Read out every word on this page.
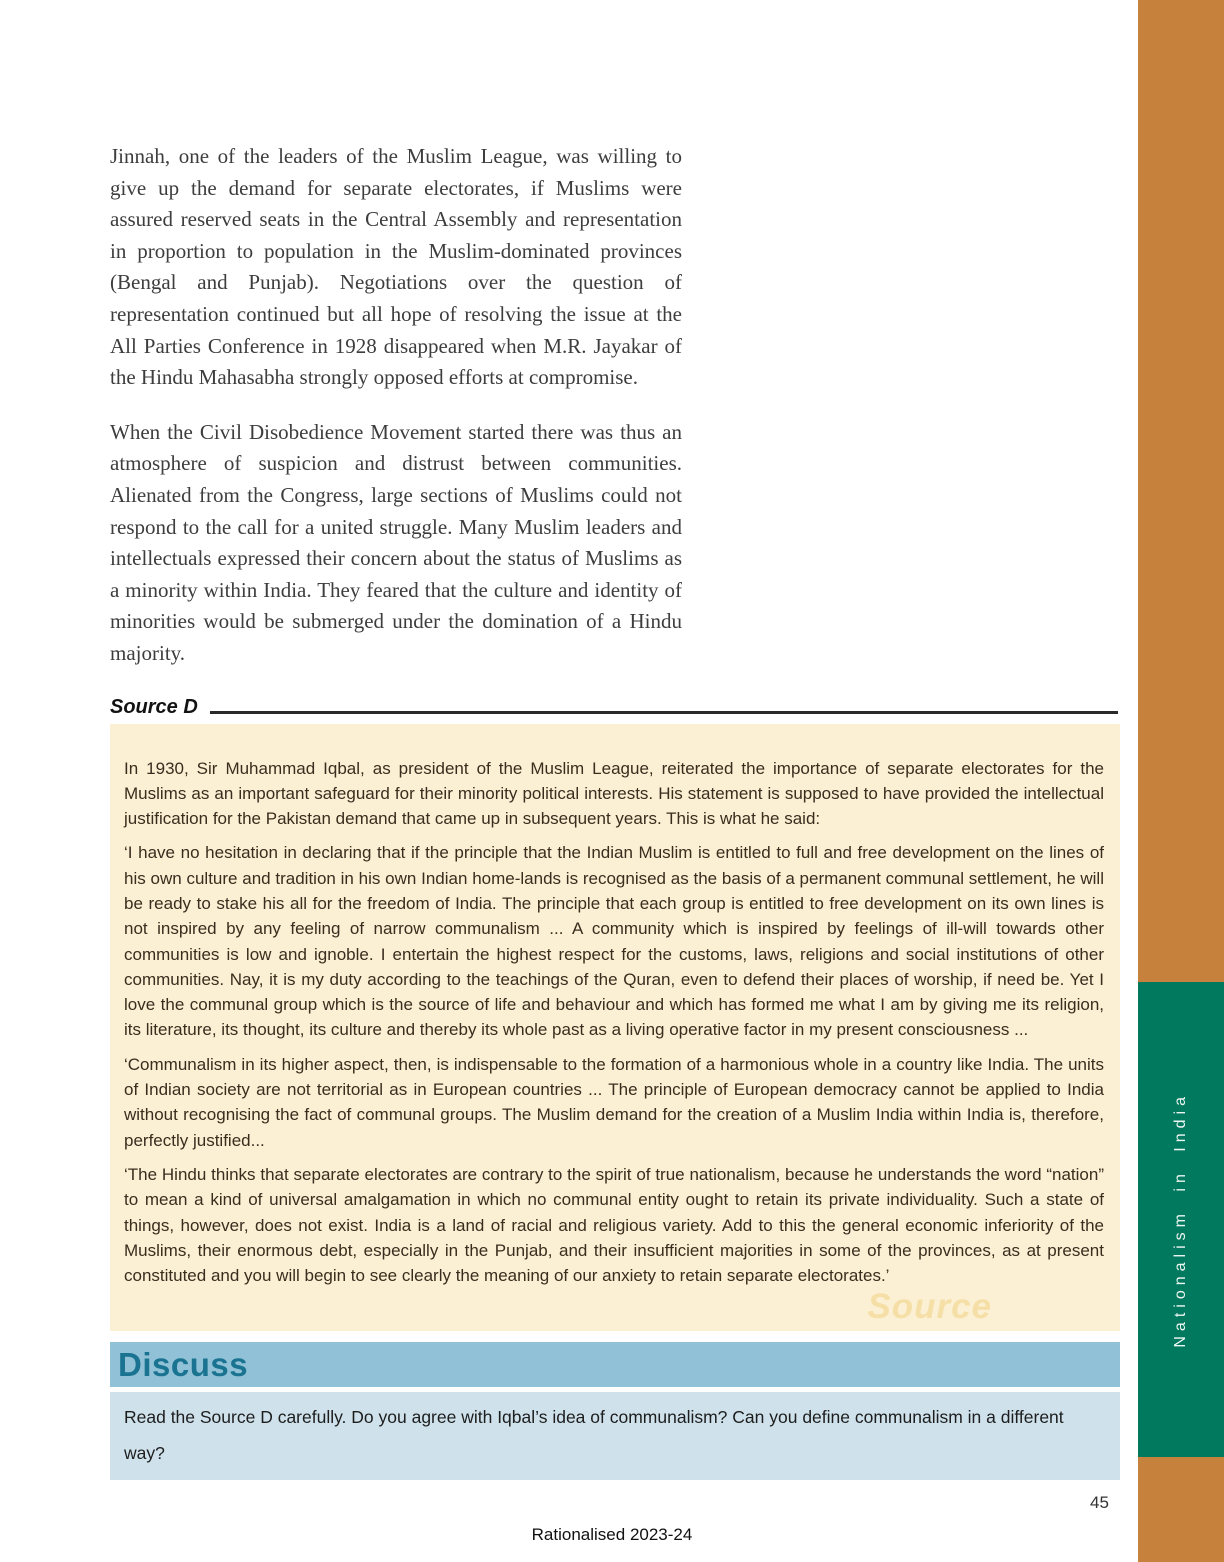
Jinnah, one of the leaders of the Muslim League, was willing to give up the demand for separate electorates, if Muslims were assured reserved seats in the Central Assembly and representation in proportion to population in the Muslim-dominated provinces (Bengal and Punjab). Negotiations over the question of representation continued but all hope of resolving the issue at the All Parties Conference in 1928 disappeared when M.R. Jayakar of the Hindu Mahasabha strongly opposed efforts at compromise.

When the Civil Disobedience Movement started there was thus an atmosphere of suspicion and distrust between communities. Alienated from the Congress, large sections of Muslims could not respond to the call for a united struggle. Many Muslim leaders and intellectuals expressed their concern about the status of Muslims as a minority within India. They feared that the culture and identity of minorities would be submerged under the domination of a Hindu majority.

Source D

In 1930, Sir Muhammad Iqbal, as president of the Muslim League, reiterated the importance of separate electorates for the Muslims as an important safeguard for their minority political interests. His statement is supposed to have provided the intellectual justification for the Pakistan demand that came up in subsequent years. This is what he said:

‘I have no hesitation in declaring that if the principle that the Indian Muslim is entitled to full and free development on the lines of his own culture and tradition in his own Indian home-lands is recognised as the basis of a permanent communal settlement, he will be ready to stake his all for the freedom of India. The principle that each group is entitled to free development on its own lines is not inspired by any feeling of narrow communalism ... A community which is inspired by feelings of ill-will towards other communities is low and ignoble. I entertain the highest respect for the customs, laws, religions and social institutions of other communities. Nay, it is my duty according to the teachings of the Quran, even to defend their places of worship, if need be. Yet I love the communal group which is the source of life and behaviour and which has formed me what I am by giving me its religion, its literature, its thought, its culture and thereby its whole past as a living operative factor in my present consciousness ...

‘Communalism in its higher aspect, then, is indispensable to the formation of a harmonious whole in a country like India. The units of Indian society are not territorial as in European countries ... The principle of European democracy cannot be applied to India without recognising the fact of communal groups. The Muslim demand for the creation of a Muslim India within India is, therefore, perfectly justified...

‘The Hindu thinks that separate electorates are contrary to the spirit of true nationalism, because he understands the word “nation” to mean a kind of universal amalgamation in which no communal entity ought to retain its private individuality. Such a state of things, however, does not exist. India is a land of racial and religious variety. Add to this the general economic inferiority of the Muslims, their enormous debt, especially in the Punjab, and their insufficient majorities in some of the provinces, as at present constituted and you will begin to see clearly the meaning of our anxiety to retain separate electorates.’

Source
Discuss
Read the Source D carefully. Do you agree with Iqbal’s idea of communalism? Can you define communalism in a different way?
Nationalism in India
45
Rationalised 2023-24
